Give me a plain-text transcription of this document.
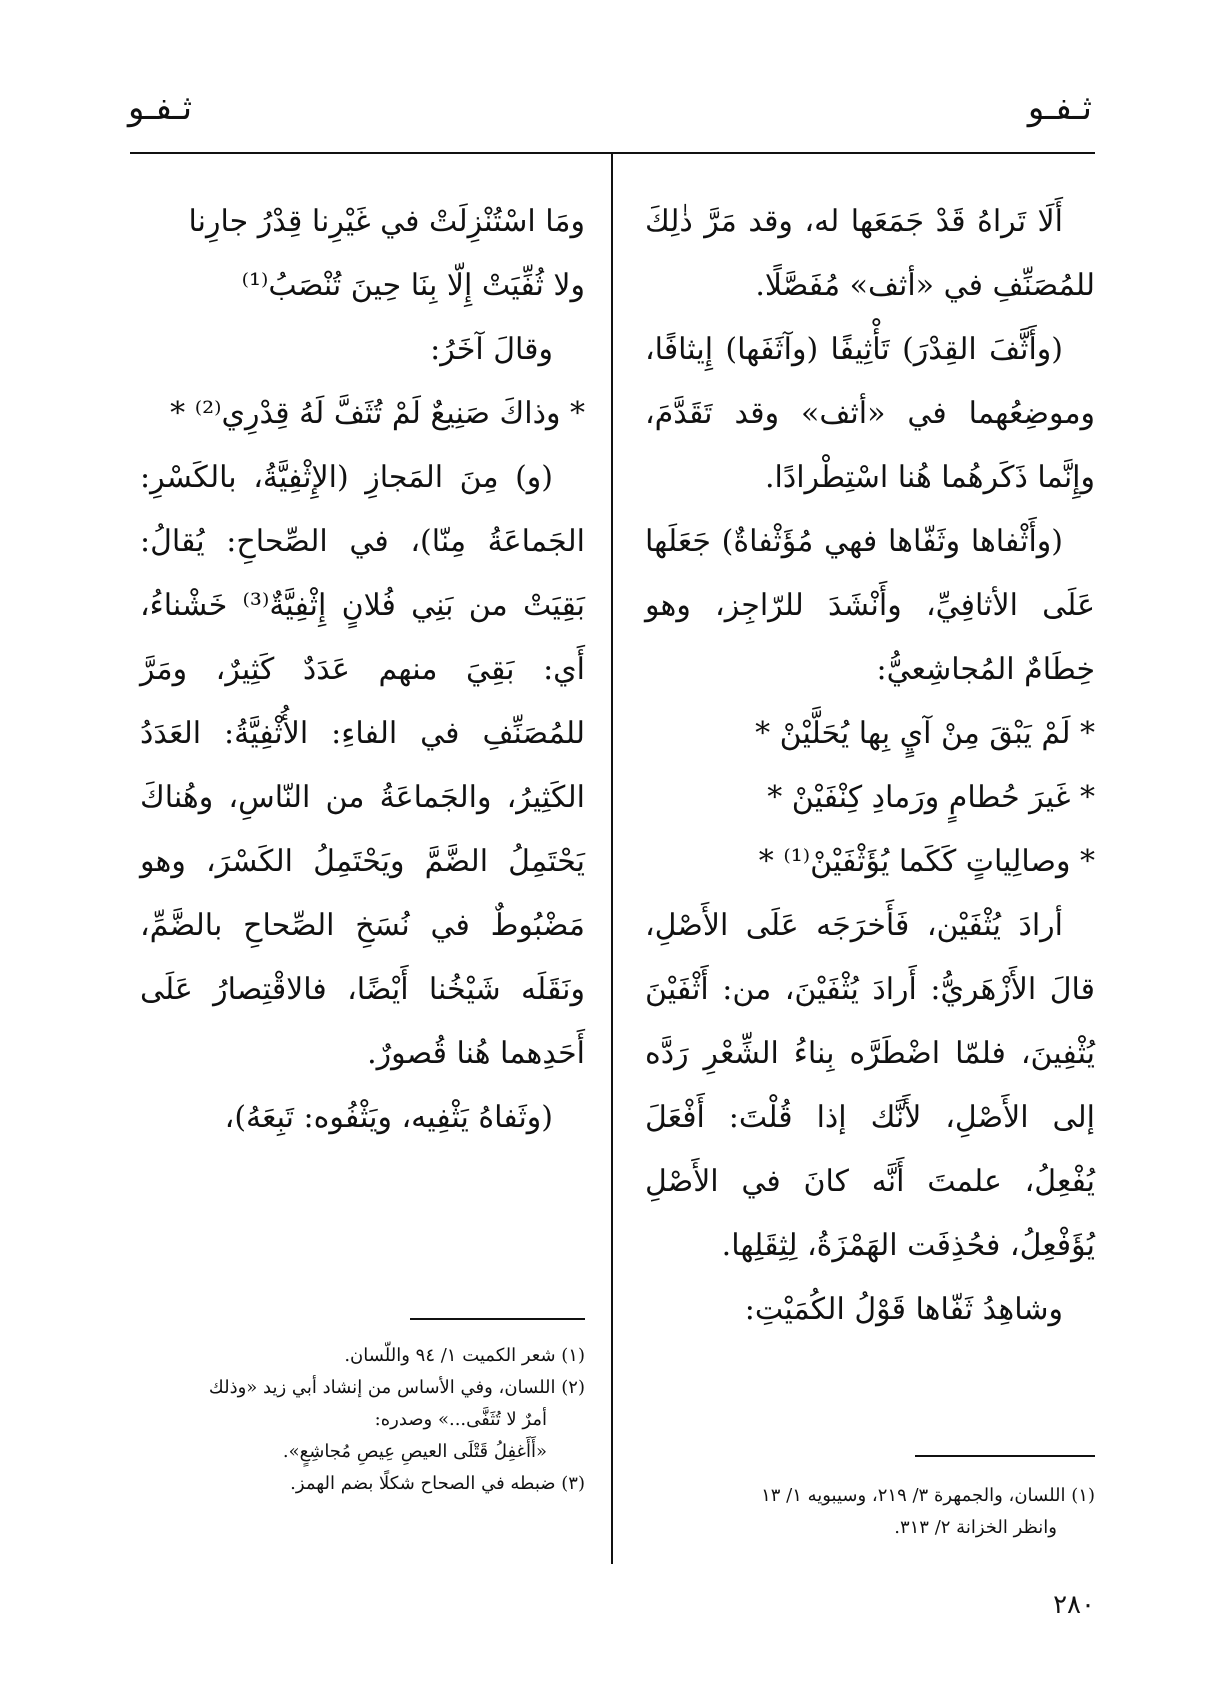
ثـفـو
ثـفـو

أَلَا تَراهُ قَدْ جَمَعَها له، وقد مَرَّ ذٰلِكَ للمُصَنِّفِ في «أثف» مُفَصَّلًا.

(وأَثَّفَ القِدْرَ) تَأْثِيفًا (وآثَفَها) إِيثافًا، وموضِعُهما في «أثف» وقد تَقَدَّمَ، وإِنَّما ذَكَرهُما هُنا اسْتِطْرادًا.

(وأَثْفاها وثَفّاها فهي مُؤَثْفاةٌ) جَعَلَها عَلَى الأثافِيِّ، وأَنْشَدَ للرّاجِز، وهو خِطَامٌ المُجاشِعيُّ:

* لَمْ يَبْقَ مِنْ آيٍ بِها يُحَلَّيْنْ *

* غَيرَ حُطامٍ ورَمادِ كِنْفَيْنْ *

* وصالِياتٍ كَكَما يُؤَثْفَيْنْ⁽¹⁾ *

أرادَ يُثْفَيْن، فَأَخرَجَه عَلَى الأَصْلِ، قالَ الأَزْهَريُّ: أَرادَ يُثْفَيْنَ، من: أَثْفَيْنَ يُثْفِينَ، فلمّا اضْطَرَّه بِناءُ الشِّعْرِ رَدَّه إلى الأَصْلِ، لأَنَّك إذا قُلْتَ: أَفْعَلَ يُفْعِلُ، علمتَ أَنَّه كانَ في الأَصْلِ يُؤَفْعِلُ، فحُذِفَت الهَمْزَةُ، لِثِقَلِها.

وشاهِدُ ثَفّاها قَوْلُ الكُمَيْتِ:

ومَا اسْتُنْزِلَتْ في غَيْرِنا قِدْرُ جارِنا

ولا ثُفِّيَتْ إِلّا بِنَا حِينَ تُنْصَبُ⁽¹⁾

وقالَ آخَرُ:

* وذاكَ صَنِيعٌ لَمْ تُثَفَّ لَهُ قِدْرِي⁽²⁾ *

(و) مِنَ المَجازِ (الإِثْفِيَّةُ، بالكَسْرِ: الجَماعَةُ مِنّا)، في الصِّحاحِ: يُقالُ: بَقِيَتْ من بَنِي فُلانٍ إِثْفِيَّةٌ⁽³⁾ خَشْناءُ، أَي: بَقِيَ منهم عَدَدٌ كَثِيرٌ، ومَرَّ للمُصَنِّفِ في الفاءِ: الأُثْفِيَّةُ: العَدَدُ الكَثِيرُ، والجَماعَةُ من النّاسِ، وهُناكَ يَحْتَمِلُ الضَّمَّ ويَحْتَمِلُ الكَسْرَ، وهو مَضْبُوطٌ في نُسَخِ الصِّحاحِ بالضَّمِّ، ونَقَلَه شَيْخُنا أَيْضًا، فالاقْتِصارُ عَلَى أَحَدِهما هُنا قُصورٌ.

(وثَفاهُ يَثْفِيه، ويَثْفُوه: تَبِعَهُ)،

(١) اللسان، والجمهرة ٣/ ٢١٩، وسيبويه ١/ ١٣

وانظر الخزانة ٢/ ٣١٣.

(١) شعر الكميت ١/ ٩٤ واللّسان.

(٢) اللسان، وفي الأساس من إنشاد أبي زيد «وذلك

أمرٌ لا تُثَفَّى...» وصدره:

«أَأَغفِلُ قَتْلَى العيصِ عِيصِ مُجاشِعٍ».

(٣) ضبطه في الصحاح شكلًا بضم الهمز.

٢٨٠
